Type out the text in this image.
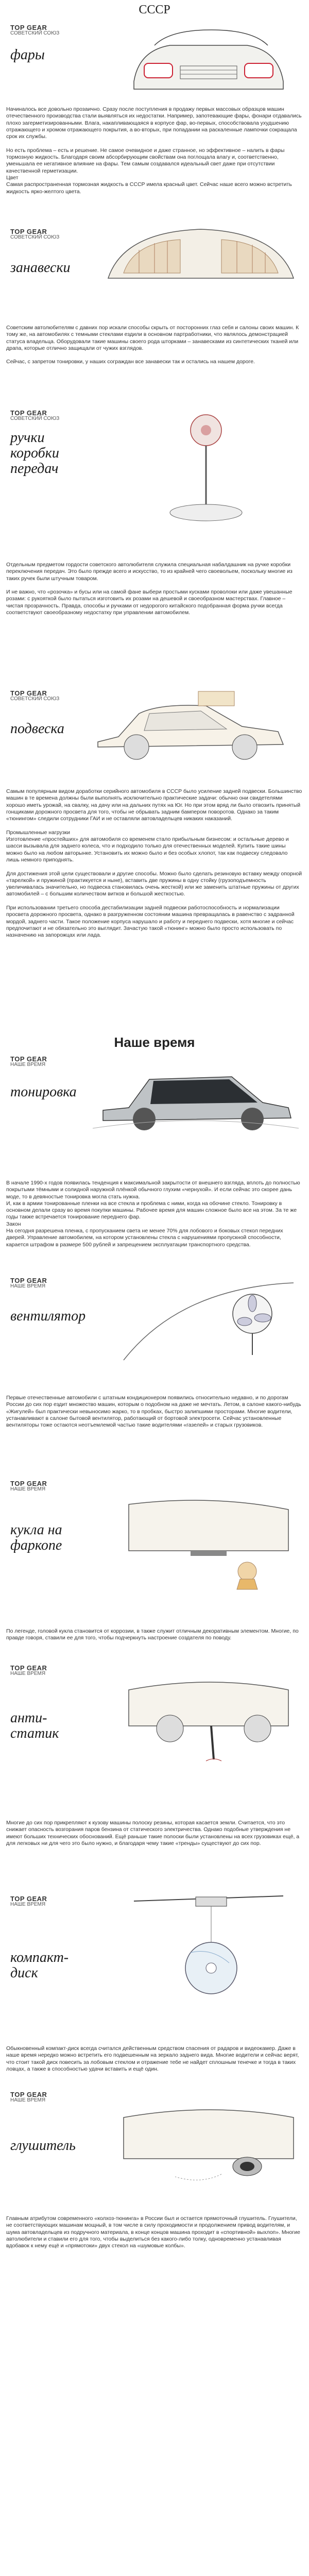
СССР
TOP GEAR
СОВЕТСКИЙ СОЮЗ
фары
Начиналось все довольно прозаично. Сразу после поступления в продажу первых массовых образцов машин отечественного производства стали выявляться их недостатки. Например, запотевающие фары, фонари отдавались плохо загерметизированными. Влага, накапливающаяся в корпусе фар, во-первых, способствовала ухудшению отражающего и хромом отражающего покрытия, а во-вторых, при попадании на раскаленные лампочки сокращала срок их службы.

Но есть проблема – есть и решение. Не самое очевидное и даже странное, но эффективное – налить в фары тормозную жидкость. Благодаря своим абсорбирующим свойствам она поглощала влагу и, соответственно, уменьшала ее негативное влияние на фары. Тем самым создавался идеальный свет даже при отсутствии качественной герметизации.
Цвет
Самая распространенная тормозная жидкость в СССР имела красный цвет. Сейчас наше всего можно встретить жидкость ярко-желтого цвета.
TOP GEAR
СОВЕТСКИЙ СОЮЗ
занавески
Советским автолюбителям с давних пор искали способы скрыть от посторонних глаз себя и салоны своих машин. К тому же, на автомобилях с темными стеклами ездили в основном партработники, что являлось демонстрацией статуса владельца. Оборудовали такие машины своего рода шторками – занавесками из синтетических тканей или драпа, которые отлично защищали от чужих взглядов.

Сейчас, с запретом тонировки, у наших сограждан все занавески так и остались на нашем дороге.
TOP GEAR
СОВЕТСКИЙ СОЮЗ
ручки коробки передач
Отдельным предметом гордости советского автолюбителя служила специальная набалдашник на ручке коробки переключения передач. Это было прежде всего и искусство, то из крайней чего своевольем, поскольку многие из таких ручек были штучным товаром.

И не важно, что «розочка» и бусы или на самой фане выбери простыми кусками проволоки или даже увешанные розами: с рукояткой было пытаться изготовить их розами на дешевой и своеобразном мастерствах. Главное – чистая прозрачность. Правда, способы и ручками от недорогого китайского подобранная форма ручки всегда соответствуют своеобразному недостатку при управлении автомобилем.
TOP GEAR
СОВЕТСКИЙ СОЮЗ
подвеска
Самым популярным видом доработки серийного автомобиля в СССР было усиление задней подвески. Большинство машин в те времена должны были выполнять исключительно практические задачи: обычно они свидетелями хорошо иметь урожай, на свалку, на дачу или на дальних путях на Юг. Но при этом вряд ли было отвозить принятый гонщиками дорожного просвета для того, чтобы не обрывать задним бампером поворотов. Однако за таким «тюнингом» следили сотрудники ГАИ и не оставляли автовладельцев никаких наказаний.

Промышленные нагрузки
Изготовление «простейших» для автомобиля со временем стало прибыльным бизнесом: и остальные дерево и шасси вызывала для заднего колеса, что и подходило только для отечественных моделей. Купить такие шины можно было на любом авторынке. Установить их можно было и без особых хлопот, так как подвеску следовало лишь немного приподнять.

Для достижения этой цели существовали и другие способы. Можно было сделать резиновую вставку между опорной «тарелкой» и пружиной (практикуется и ныне), вставить две пружины в одну стойку (грузоподъемность увеличивалась значительно, но подвеска становилась очень жесткой) или же заменить штатные пружины от других автомобилей – с большим количеством витков и большой жесткостью.

При использовании третьего способа дестабилизации задней подвески работоспособность и нормализации просвета дорожного просвета, однако в разгруженном состоянии машина превращалась в равенство с задранной мордой, заднего части. Такое положение корпуса нарушало и работу и переднего подвески, хотя многие и сейчас предпочитают и не обязательно это выглядит. Зачастую такой «тюнинг» можно было просто использовать по назначению на запорожцах или лада.
Наше время
TOP GEAR
НАШЕ ВРЕМЯ
тонировка
В начале 1990-х годов появилась тенденция к максимальной закрытости от внешнего взгляда, вплоть до полностью покрытыми тёмными и солидной наружной плёнкой обычного глухим «чернухой». И если сейчас это скорее дань моде, то в девяностые тонировка могла стать нужна.
И, как в армии тонированные пленки на все стекла и проблема с ними, когда на обочине стекло. Тонировку в основном делали сразу во время покупки машины. Рабочее время для машин сложное было все на этом. За те же годы также встречается тонирование переднего фар.
Закон
На сегодня разрешена пленка, с пропусканием света не менее 70% для лобового и боковых стекол передних дверей. Управление автомобилем, на котором установлены стекла с нарушениями пропускной способности, карается штрафом в размере 500 рублей и запрещением эксплуатации транспортного средства.
TOP GEAR
НАШЕ ВРЕМЯ
вентилятор
Первые отечественные автомобили с штатным кондиционером появились относительно недавно, и по дорогам России до сих пор ездит множество машин, которым о подобном на даже не мечтать. Летом, в салоне какого-нибудь «Жигулей» был практически невыносимо жарко, то в пробках, быстро залипшими просторами. Многие водители, устанавливают в салоне бытовой вентилятор, работающий от бортовой электросети. Сейчас установленные вентиляторы тоже остаются неотъемлемой частью такие водителями «газелей» и старых грузовиков.
TOP GEAR
НАШЕ ВРЕМЯ
кукла на фаркопе
По легенде, головой кукла становится от коррозии, в также служит отличным декоративным элементом. Многие, по правде говоря, ставили ее для того, чтобы подчеркнуть настроение создателя по поводу.
TOP GEAR
НАШЕ ВРЕМЯ
анти-статик
Многие до сих пор прикрепляют к кузову машины полоску резины, которая касается земли. Считается, что это снижает опасность возгорания паров бензина от статического электричества. Однако подобные утверждения не имеют больших технических обоснований. Ещё раньше такие полоски были установлены на всех грузовиках ещё, а для легковых ни для чего это было нужно, и благодаря чему такие «тренды» существуют до сих пор.
TOP GEAR
НАШЕ ВРЕМЯ
компакт-диск
Обыкновенный компакт-диск всегда считался действенным средством спасения от радаров и видеокамер. Даже в наше время нередко можно встретить его подвешенным на зеркало заднего вида. Многие водители и сейчас верят, что стоит такой диск повесить за лобовым стеклом и отражение тебе не найдет сплошным тенечке и тогда в таких ловцах, а также в способностью удачи вставить и ещё один.
TOP GEAR
НАШЕ ВРЕМЯ
глушитель
Главным атрибутом современного «колхоз-тюнинга» в России был и остается прямоточный глушитель. Глушители, не соответствующих машинам мощный, в том числе в силу проходимости и продолжением привод водителям, и шума автовладельцев из подручного материала, в конце концов машина проходит в «спортивной» выхлоп». Многие автолюбители и ставили его для того, чтобы выделиться без какого-либо толку, одновременно устанавливая вдобавок к нему ещё и «прямотоки» двух стекол на «шумовые колбы».
